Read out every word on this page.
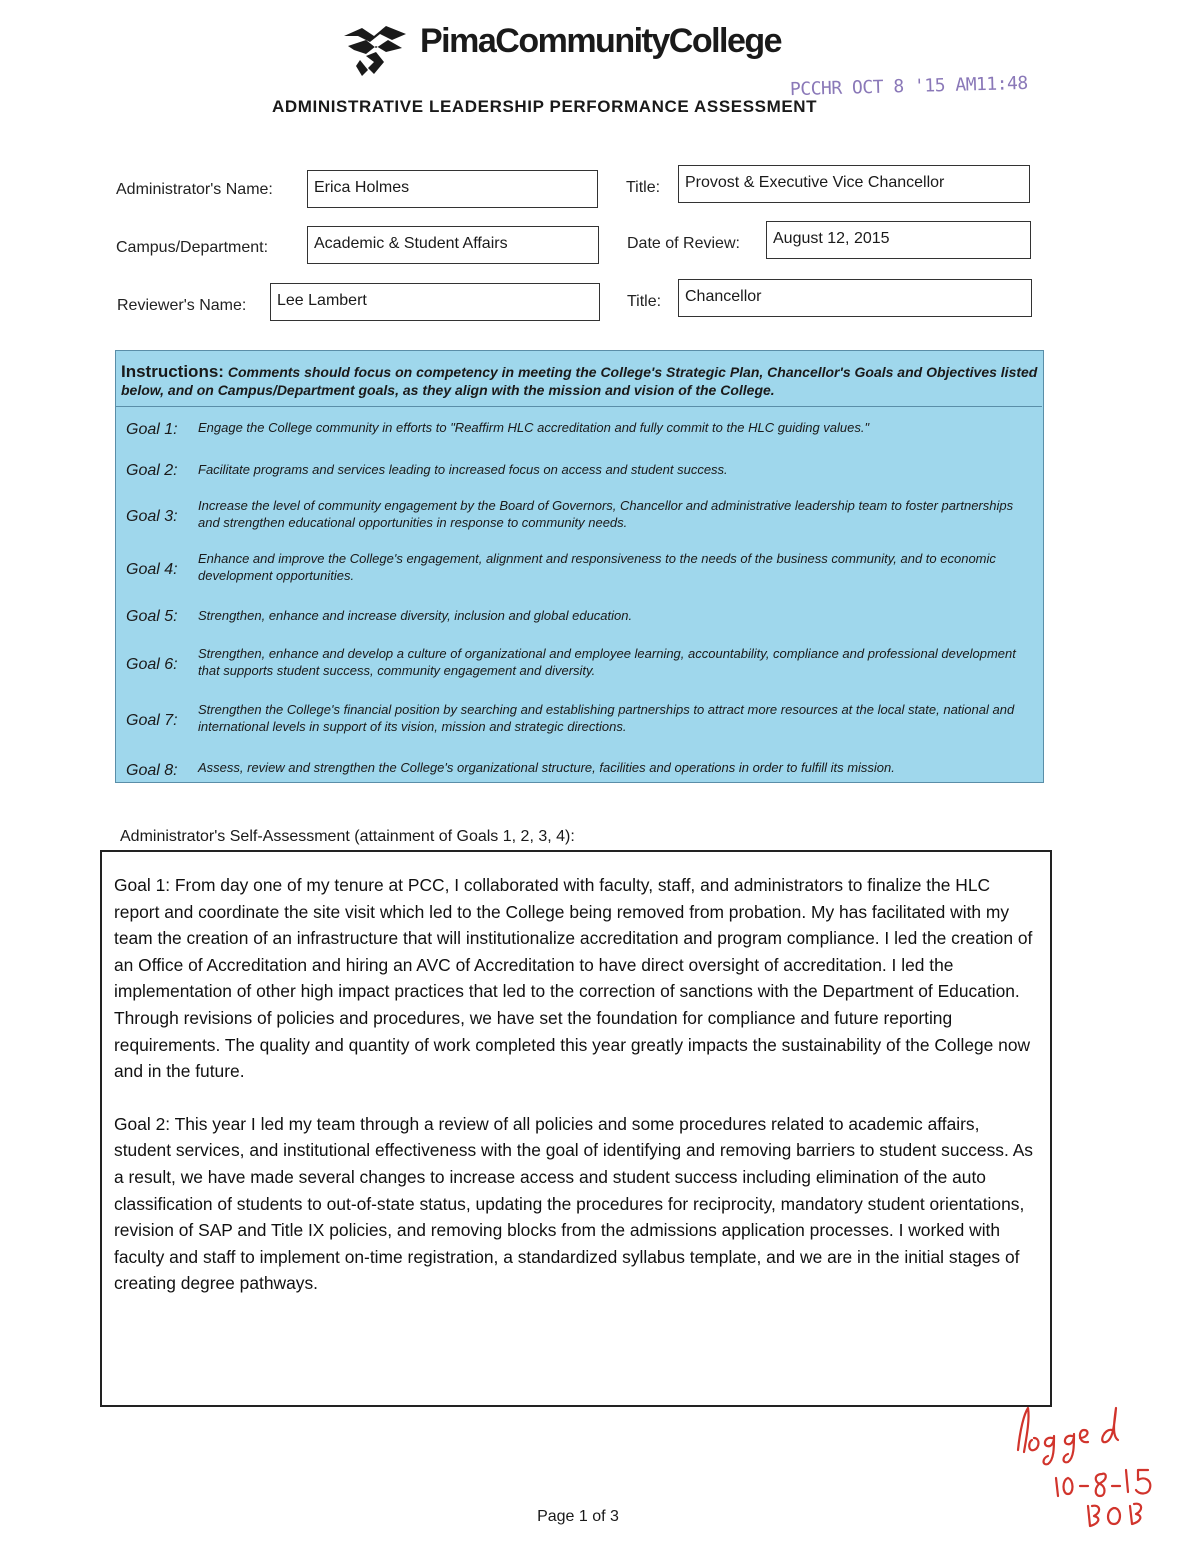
PimaCommunityCollege
ADMINISTRATIVE LEADERSHIP PERFORMANCE ASSESSMENT
PCCHR OCT 8 '15 AM11:48
Administrator's Name:	Erica Holmes	Title:	Provost & Executive Vice Chancellor
Campus/Department:	Academic & Student Affairs	Date of Review:	August 12, 2015
Reviewer's Name:	Lee Lambert	Title:	Chancellor
Instructions: Comments should focus on competency in meeting the College's Strategic Plan, Chancellor's Goals and Objectives listed below, and on Campus/Department goals, as they align with the mission and vision of the College.
Goal 1:	Engage the College community in efforts to "Reaffirm HLC accreditation and fully commit to the HLC guiding values."
Goal 2:	Facilitate programs and services leading to increased focus on access and student success.
Goal 3:
Increase the level of community engagement by the Board of Governors, Chancellor and administrative leadership team to foster partnerships and strengthen educational opportunities in response to community needs.
Goal 4:
Enhance and improve the College's engagement, alignment and responsiveness to the needs of the business community, and to economic development opportunities.
Goal 5:	Strengthen, enhance and increase diversity, inclusion and global education.
Goal 6:
Strengthen, enhance and develop a culture of organizational and employee learning, accountability, compliance and professional development that supports student success, community engagement and diversity.
Goal 7:
Strengthen the College's financial position by searching and establishing partnerships to attract more resources at the local state, national and international levels in support of its vision, mission and strategic directions.
Goal 8:	Assess, review and strengthen the College's organizational structure, facilities and operations in order to fulfill its mission.
Administrator's Self-Assessment (attainment of Goals 1, 2, 3, 4):

Goal 1: From day one of my tenure at PCC, I collaborated with faculty, staff, and administrators to finalize the HLC report and coordinate the site visit which led to the College being removed from probation. My has facilitated with my team the creation of an infrastructure that will institutionalize accreditation and program compliance. I led the creation of an Office of Accreditation and hiring an AVC of Accreditation to have direct oversight of accreditation. I led the implementation of other high impact practices that led to the correction of sanctions with the Department of Education. Through revisions of policies and procedures, we have set the foundation for compliance and future reporting requirements. The quality and quantity of work completed this year greatly impacts the sustainability of the College now and in the future.

Goal 2: This year I led my team through a review of all policies and some procedures related to academic affairs, student services, and institutional effectiveness with the goal of identifying and removing barriers to student success. As a result, we have made several changes to increase access and student success including elimination of the auto classification of students to out-of-state status, updating the procedures for reciprocity, mandatory student orientations, revision of SAP and Title IX policies, and removing blocks from the admissions application processes. I worked with faculty and staff to implement on-time registration, a standardized syllabus template, and we are in the initial stages of creating degree pathways.

Page 1 of 3
